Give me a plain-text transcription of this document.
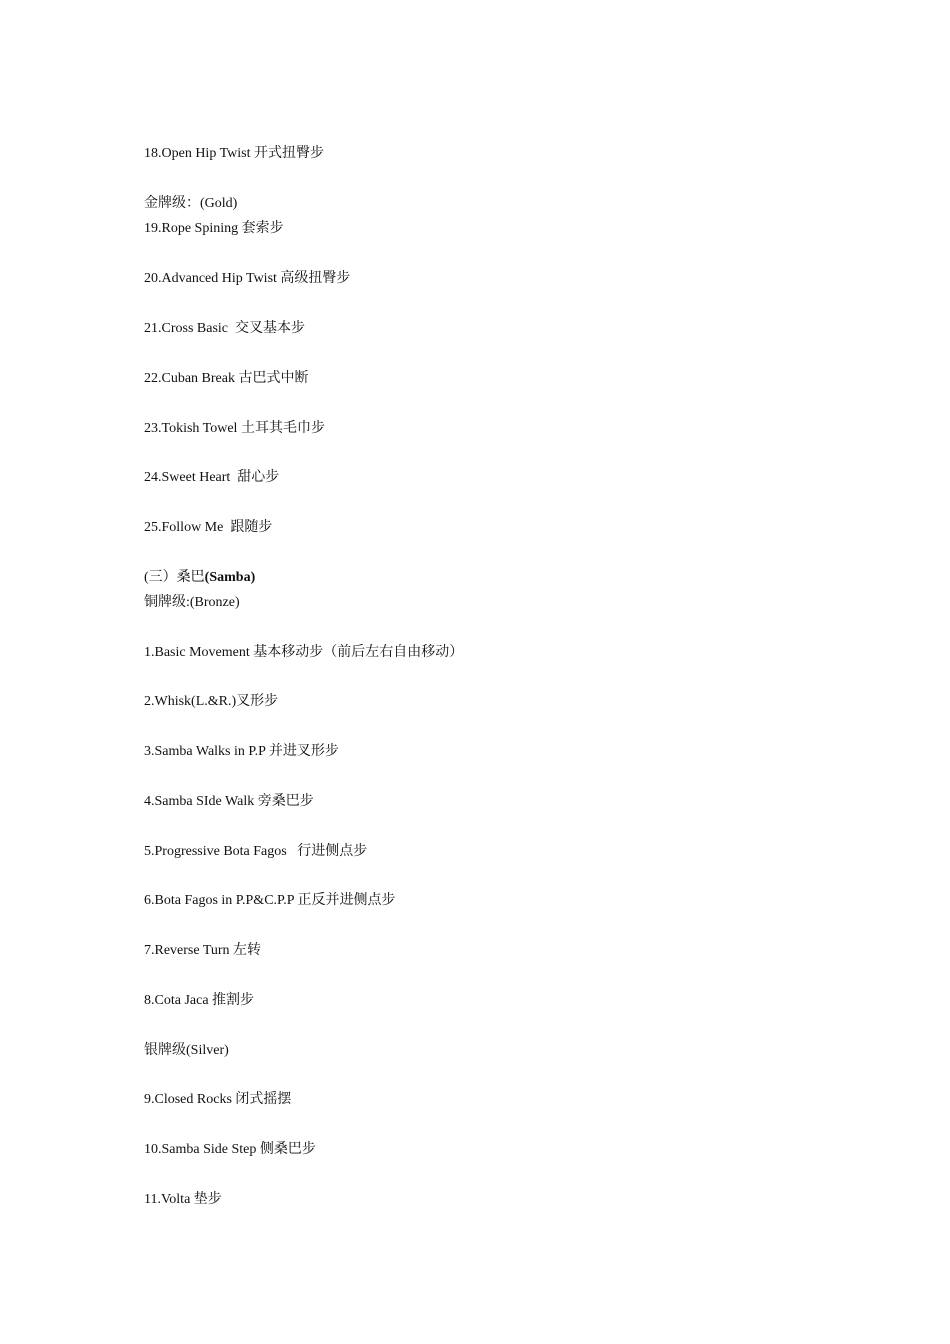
18.Open Hip Twist 开式扭臀步
金牌级：(Gold)
19.Rope Spining 套索步
20.Advanced Hip Twist 高级扭臀步
21.Cross Basic  交叉基本步
22.Cuban Break 古巴式中断
23.Tokish Towel 土耳其毛巾步
24.Sweet Heart  甜心步
25.Follow Me  跟随步
(三）桑巴(Samba)
铜牌级:(Bronze)
1.Basic Movement 基本移动步（前后左右自由移动）
2.Whisk(L.&R.)叉形步
3.Samba Walks in P.P 并进叉形步
4.Samba SIde Walk 旁桑巴步
5.Progressive Bota Fagos   行进侧点步
6.Bota Fagos in P.P&C.P.P 正反并进侧点步
7.Reverse Turn 左转
8.Cota Jaca 推割步
银牌级(Silver)
9.Closed Rocks 闭式摇摆
10.Samba Side Step 侧桑巴步
11.Volta 垫步
